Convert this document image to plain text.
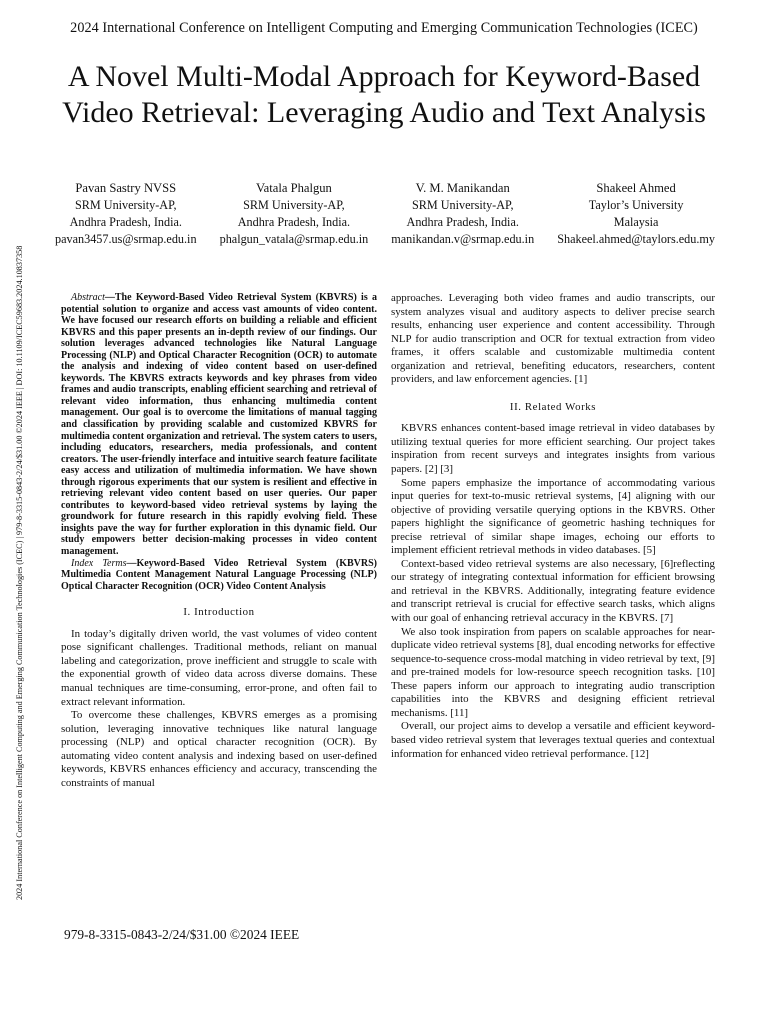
2024 International Conference on Intelligent Computing and Emerging Communication Technologies (ICEC)
2024 International Conference on Intelligent Computing and Emerging Communication Technologies (ICEC) | 979-8-3315-0843-2/24/$31.00 ©2024 IEEE | DOI: 10.1109/ICEC59683.2024.10837358
A Novel Multi-Modal Approach for Keyword-Based Video Retrieval: Leveraging Audio and Text Analysis
Pavan Sastry NVSS
SRM University-AP,
Andhra Pradesh, India.
pavan3457.us@srmap.edu.in
Vatala Phalgun
SRM University-AP,
Andhra Pradesh, India.
phalgun_vatala@srmap.edu.in
V. M. Manikandan
SRM University-AP,
Andhra Pradesh, India.
manikandan.v@srmap.edu.in
Shakeel Ahmed
Taylor’s University
Malaysia
Shakeel.ahmed@taylors.edu.my

Abstract—The Keyword-Based Video Retrieval System (KBVRS) is a potential solution to organize and access vast amounts of video content. We have focused our research efforts on building a reliable and efficient KBVRS and this paper presents an in-depth review of our findings. Our solution leverages advanced technologies like Natural Language Processing (NLP) and Optical Character Recognition (OCR) to automate the analysis and indexing of video content based on user-defined keywords. The KBVRS extracts keywords and key phrases from video frames and audio transcripts, enabling efficient searching and retrieval of relevant video information, thus enhancing multimedia content management. Our goal is to overcome the limitations of manual tagging and classification by providing scalable and customized KBVRS for multimedia content organization and retrieval. The system caters to users, including educators, researchers, media professionals, and content creators. The user-friendly interface and intuitive search feature facilitate easy access and utilization of multimedia information. We have shown through rigorous experiments that our system is resilient and effective in retrieving relevant video content based on user queries. Our paper contributes to keyword-based video retrieval systems by laying the groundwork for future research in this rapidly evolving field. These insights pave the way for further exploration in this dynamic field. Our study empowers better decision-making processes in video content management.

Index Terms—Keyword-Based Video Retrieval System (KBVRS) Multimedia Content Management Natural Language Processing (NLP) Optical Character Recognition (OCR) Video Content Analysis

I. Introduction

In today’s digitally driven world, the vast volumes of video content pose significant challenges. Traditional methods, reliant on manual labeling and categorization, prove inefficient and struggle to scale with the exponential growth of video data across diverse domains. These manual techniques are time-consuming, error-prone, and often fail to extract relevant information.

To overcome these challenges, KBVRS emerges as a promising solution, leveraging innovative techniques like natural language processing (NLP) and optical character recognition (OCR). By automating video content analysis and indexing based on user-defined keywords, KBVRS enhances efficiency and accuracy, transcending the constraints of manual

approaches. Leveraging both video frames and audio transcripts, our system analyzes visual and auditory aspects to deliver precise search results, enhancing user experience and content accessibility. Through NLP for audio transcription and OCR for textual extraction from video frames, it offers scalable and customizable multimedia content organization and retrieval, benefiting educators, researchers, content providers, and law enforcement agencies. [1]

II. Related Works

KBVRS enhances content-based image retrieval in video databases by utilizing textual queries for more efficient searching. Our project takes inspiration from recent surveys and integrates insights from various papers. [2] [3]

Some papers emphasize the importance of accommodating various input queries for text-to-music retrieval systems, [4] aligning with our objective of providing versatile querying options in the KBVRS. Other papers highlight the significance of geometric hashing techniques for precise retrieval of similar shape images, echoing our efforts to implement efficient retrieval methods in video databases. [5]

Context-based video retrieval systems are also necessary, [6]reflecting our strategy of integrating contextual information for efficient browsing and retrieval in the KBVRS. Additionally, integrating feature evidence and transcript retrieval is crucial for effective search tasks, which aligns with our goal of enhancing retrieval accuracy in the KBVRS. [7]

We also took inspiration from papers on scalable approaches for near-duplicate video retrieval systems [8], dual encoding networks for effective sequence-to-sequence cross-modal matching in video retrieval by text, [9] and pre-trained models for low-resource speech recognition tasks. [10] These papers inform our approach to integrating audio transcription capabilities into the KBVRS and designing efficient retrieval mechanisms. [11]

Overall, our project aims to develop a versatile and efficient keyword-based video retrieval system that leverages textual queries and contextual information for enhanced video retrieval performance. [12]

979-8-3315-0843-2/24/$31.00 ©2024 IEEE
